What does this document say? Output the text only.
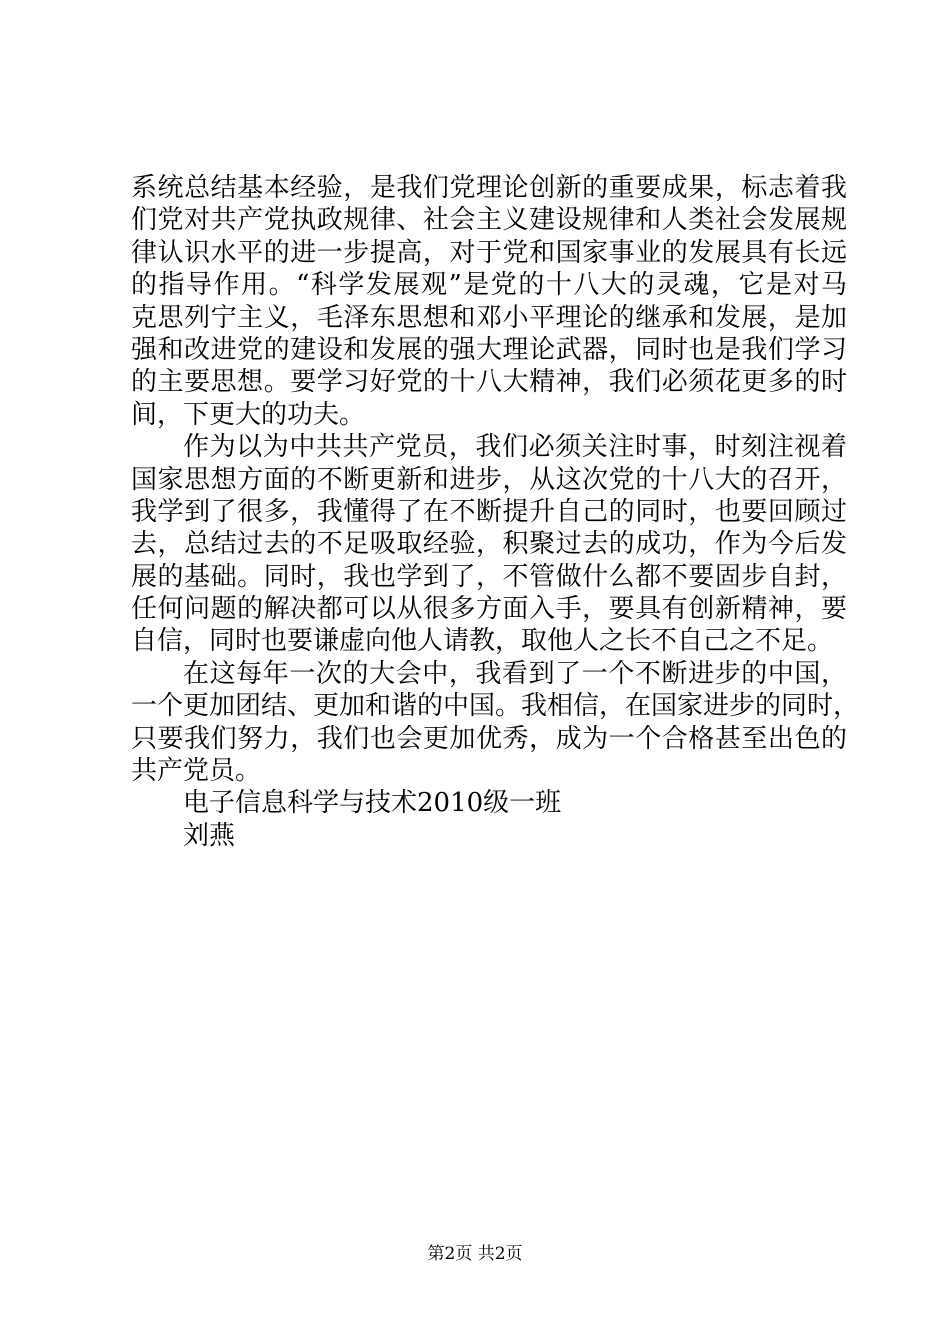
系统总结基本经验，是我们党理论创新的重要成果，标志着我
们党对共产党执政规律、社会主义建设规律和人类社会发展规
律认识水平的进一步提高，对于党和国家事业的发展具有长远
的指导作用。“科学发展观”是党的十八大的灵魂，它是对马
克思列宁主义，毛泽东思想和邓小平理论的继承和发展，是加
强和改进党的建设和发展的强大理论武器，同时也是我们学习
的主要思想。要学习好党的十八大精神，我们必须花更多的时
间，下更大的功夫。
作为以为中共共产党员，我们必须关注时事，时刻注视着
国家思想方面的不断更新和进步，从这次党的十八大的召开，
我学到了很多，我懂得了在不断提升自己的同时，也要回顾过
去，总结过去的不足吸取经验，积聚过去的成功，作为今后发
展的基础。同时，我也学到了，不管做什么都不要固步自封，
任何问题的解决都可以从很多方面入手，要具有创新精神，要
自信，同时也要谦虚向他人请教，取他人之长不自己之不足。
在这每年一次的大会中，我看到了一个不断进步的中国，
一个更加团结、更加和谐的中国。我相信，在国家进步的同时，
只要我们努力，我们也会更加优秀，成为一个合格甚至出色的
共产党员。
电子信息科学与技术2010级一班
刘燕
第2页 共2页
